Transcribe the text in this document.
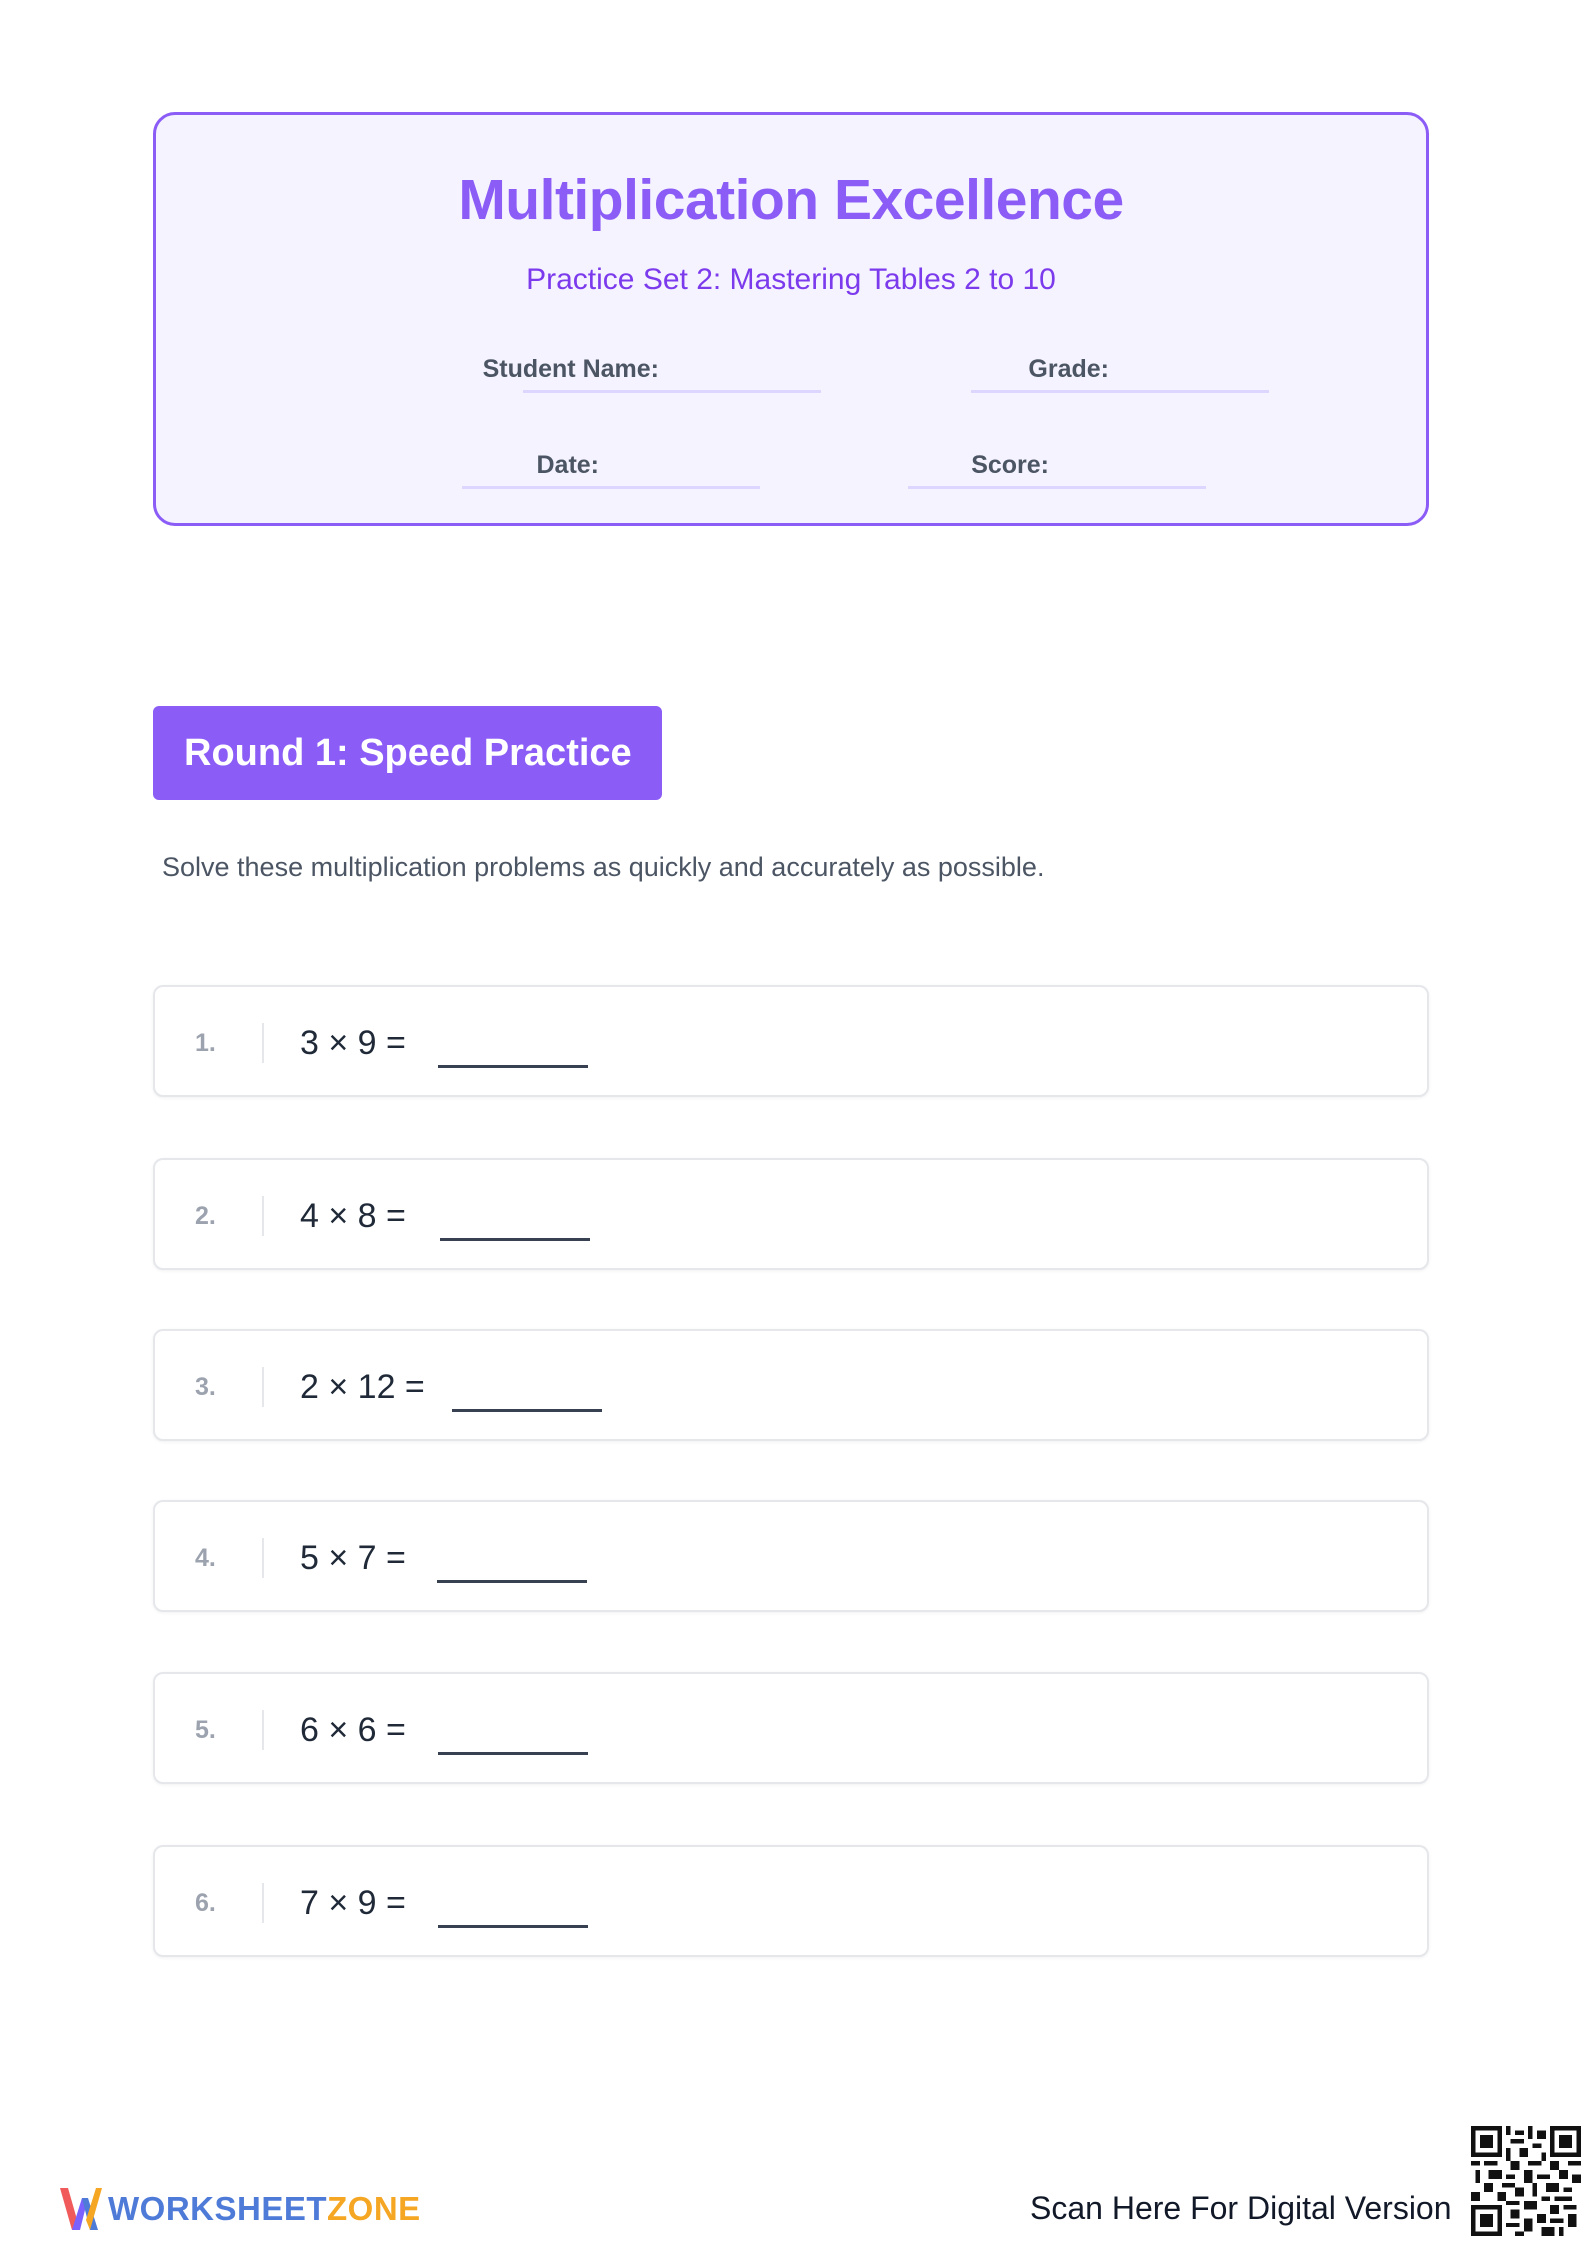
Multiplication Excellence
Practice Set 2: Mastering Tables 2 to 10
Student Name:	Grade:
Date:	Score:
Round 1: Speed Practice
Solve these multiplication problems as quickly and accurately as possible.
1. 3 × 9 =
2. 4 × 8 =
3. 2 × 12 =
4. 5 × 7 =
5. 6 × 6 =
6. 7 × 9 =
WORKSHEETZONE	Scan Here For Digital Version
